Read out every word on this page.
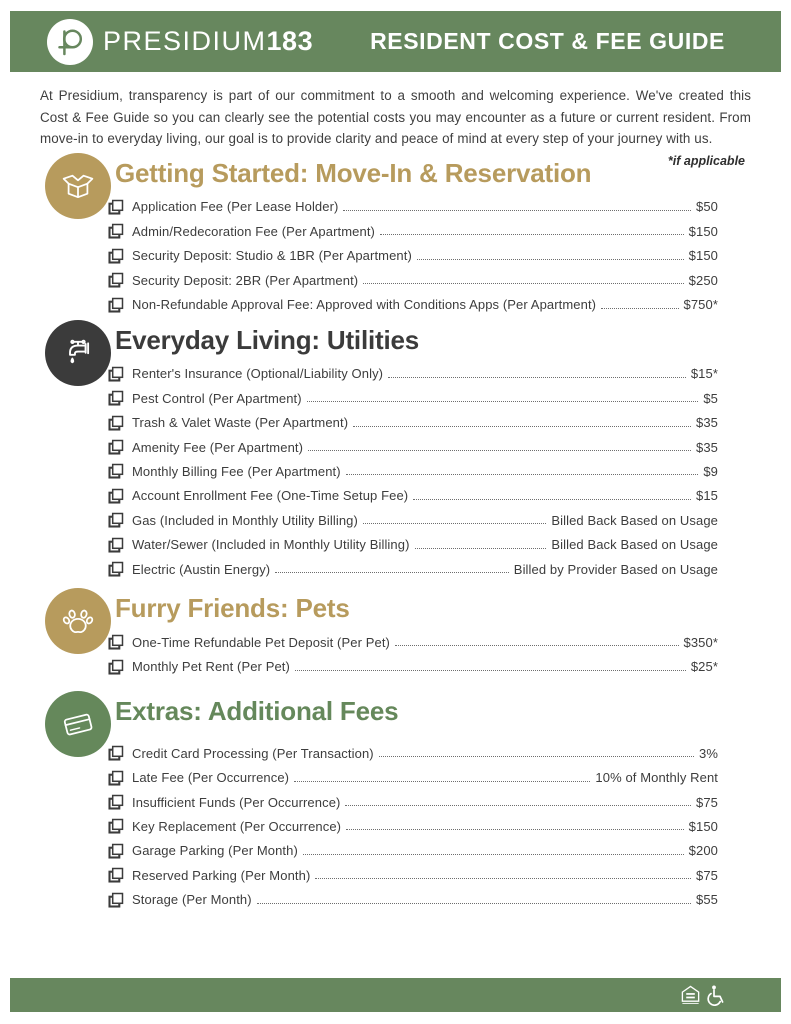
PRESIDIUM183 RESIDENT COST & FEE GUIDE

At Presidium, transparency is part of our commitment to a smooth and welcoming experience. We've created this Cost & Fee Guide so you can clearly see the potential costs you may encounter as a future or current resident. From move-in to everyday living, our goal is to provide clarity and peace of mind at every step of your journey with us.

Getting Started: Move-In & Reservation	*if applicable
Application Fee (Per Lease Holder)	$50
Admin/Redecoration Fee (Per Apartment)	$150
Security Deposit: Studio & 1BR (Per Apartment)	$150
Security Deposit: 2BR (Per Apartment)	$250
Non-Refundable Approval Fee: Approved with Conditions Apps (Per Apartment)	$750*
Everyday Living: Utilities
Renter's Insurance (Optional/Liability Only)	$15*
Pest Control (Per Apartment)	$5
Trash & Valet Waste (Per Apartment)	$35
Amenity Fee (Per Apartment)	$35
Monthly Billing Fee (Per Apartment)	$9
Account Enrollment Fee (One-Time Setup Fee)	$15
Gas (Included in Monthly Utility Billing)	Billed Back Based on Usage
Water/Sewer (Included in Monthly Utility Billing)	Billed Back Based on Usage
Electric (Austin Energy)	Billed by Provider Based on Usage
Furry Friends: Pets
One-Time Refundable Pet Deposit (Per Pet)	$350*
Monthly Pet Rent (Per Pet)	$25*
Extras: Additional Fees
Credit Card Processing (Per Transaction)	3%
Late Fee (Per Occurrence)	10% of Monthly Rent
Insufficient Funds (Per Occurrence)	$75
Key Replacement (Per Occurrence)	$150
Garage Parking (Per Month)	$200
Reserved Parking (Per Month)	$75
Storage (Per Month)	$55
